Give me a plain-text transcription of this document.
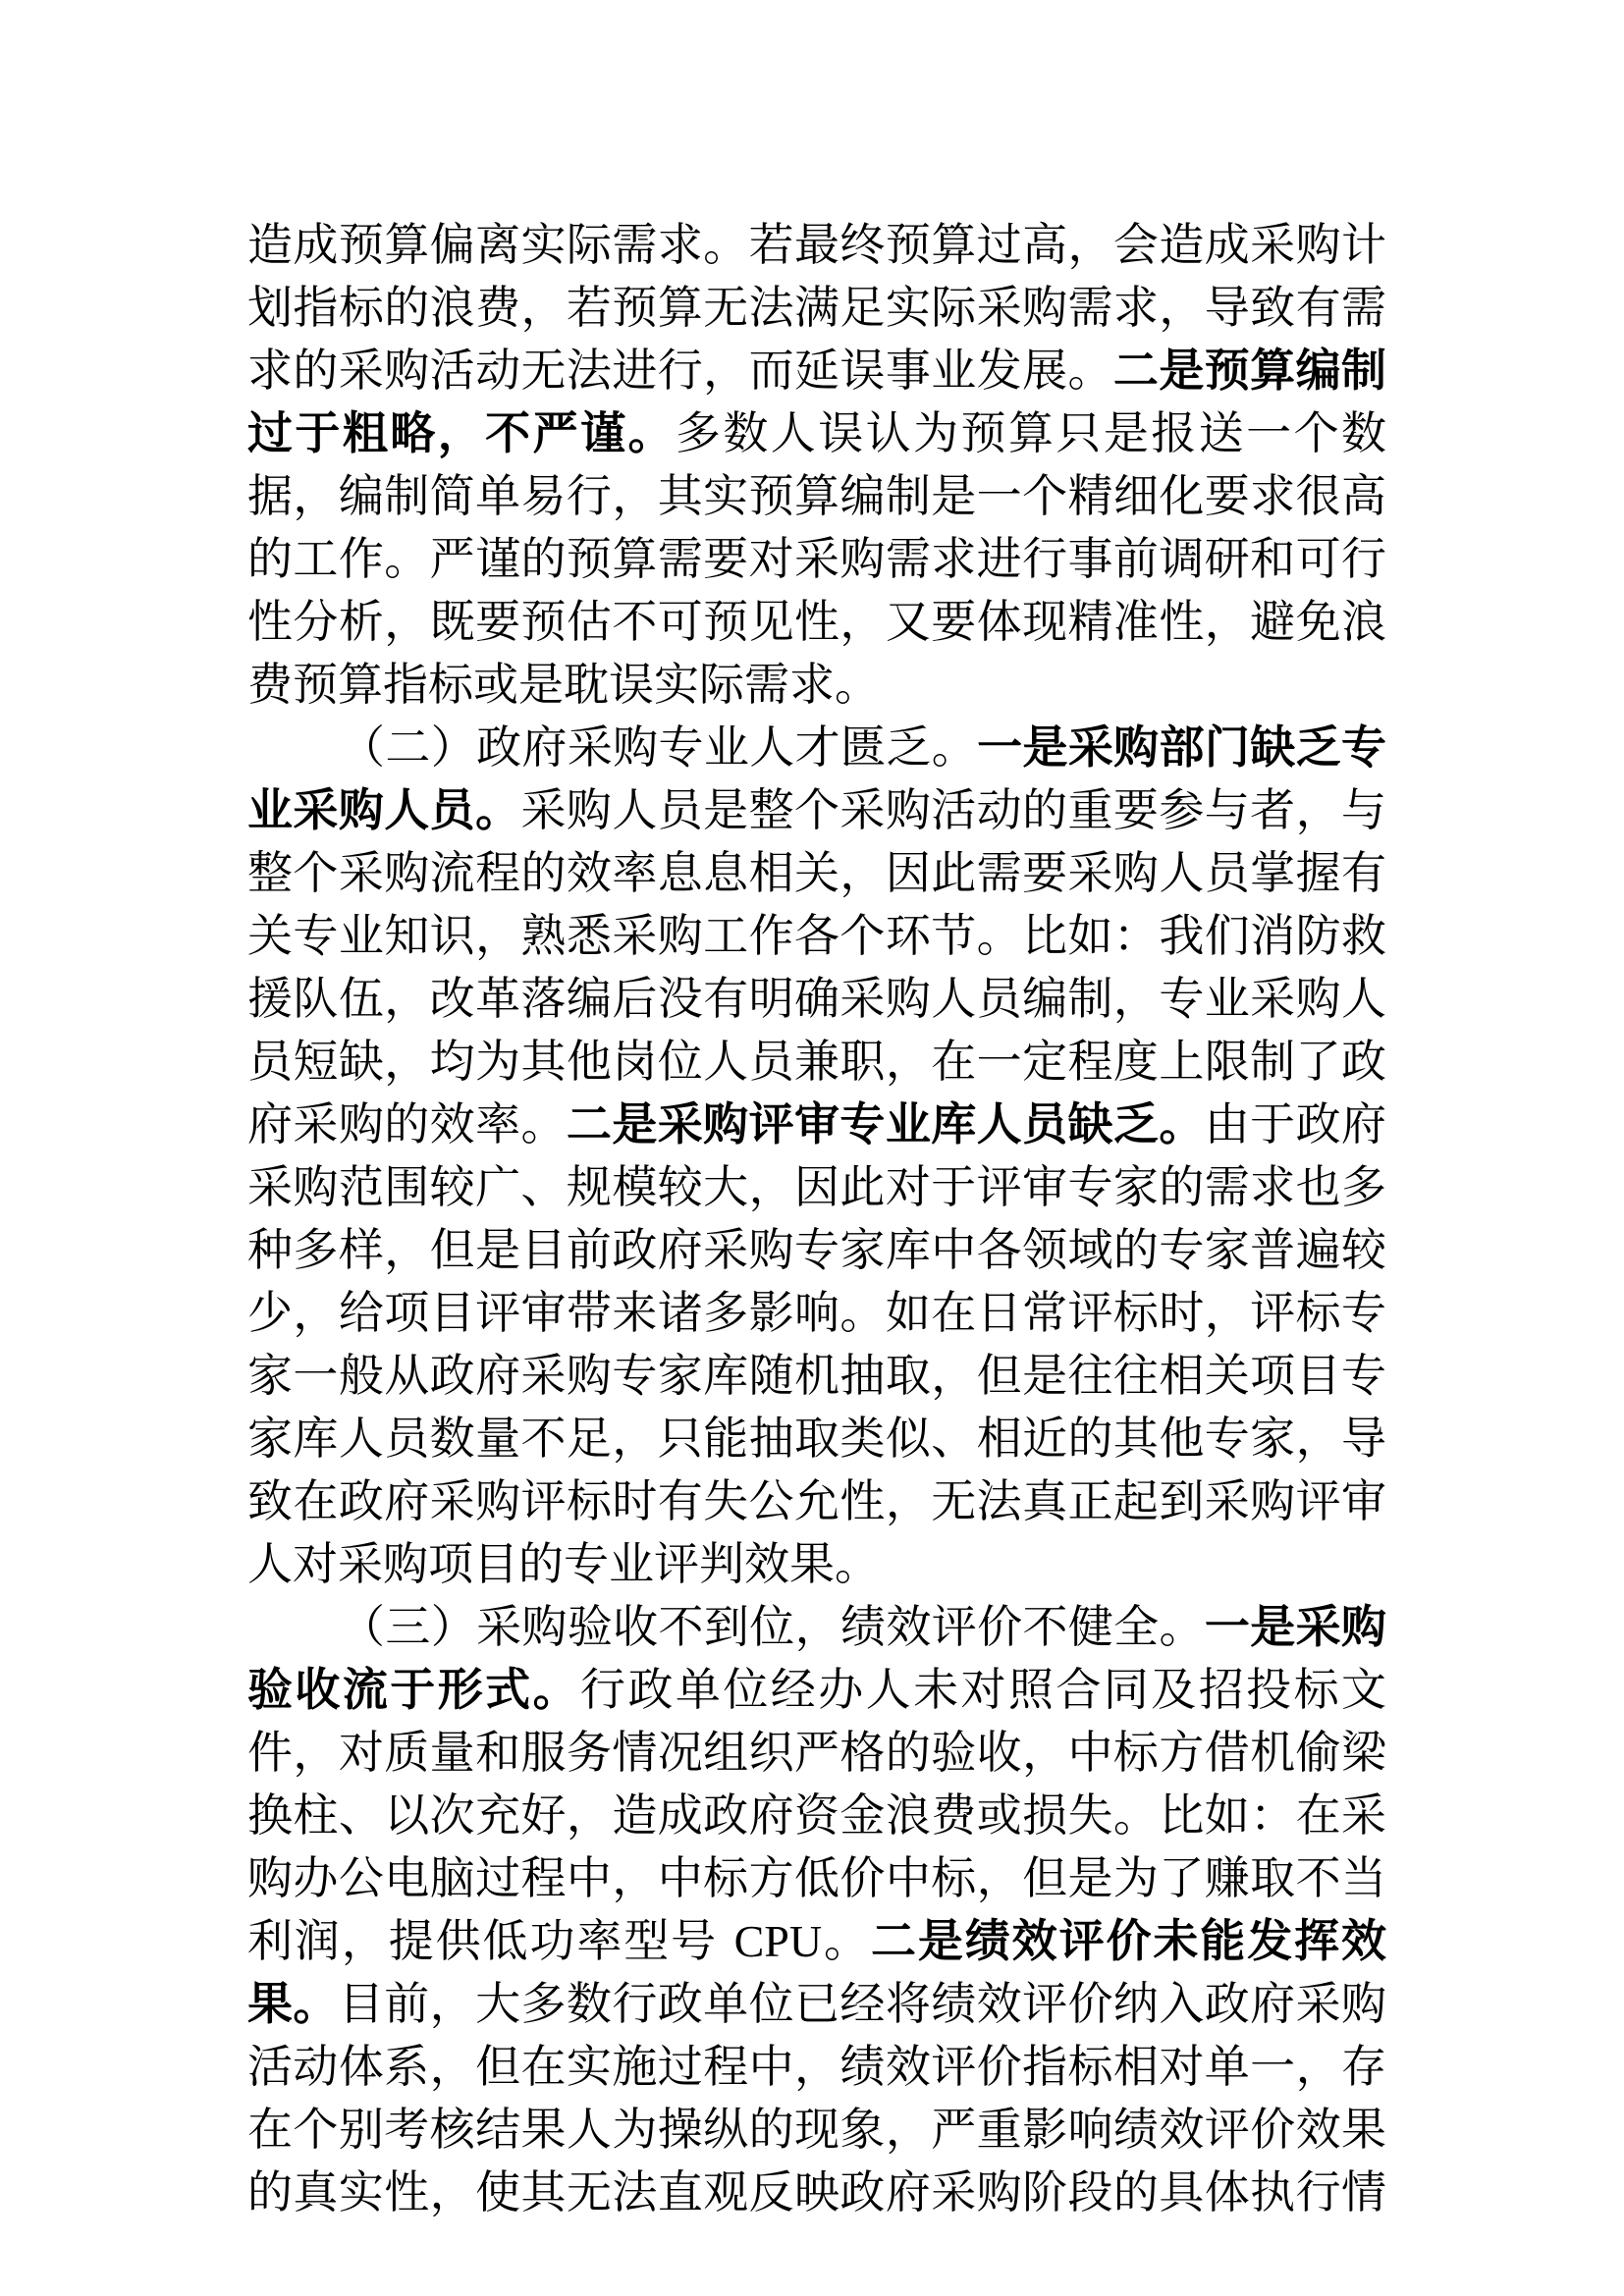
造成预算偏离实际需求。若最终预算过高，会造成采购计
划指标的浪费，若预算无法满足实际采购需求，导致有需
求的采购活动无法进行，而延误事业发展。二是预算编制
过于粗略，不严谨。多数人误认为预算只是报送一个数
据，编制简单易行，其实预算编制是一个精细化要求很高
的工作。严谨的预算需要对采购需求进行事前调研和可行
性分析，既要预估不可预见性，又要体现精准性，避免浪
费预算指标或是耽误实际需求。
（二）政府采购专业人才匮乏。一是采购部门缺乏专
业采购人员。采购人员是整个采购活动的重要参与者，与
整个采购流程的效率息息相关，因此需要采购人员掌握有
关专业知识，熟悉采购工作各个环节。比如：我们消防救
援队伍，改革落编后没有明确采购人员编制，专业采购人
员短缺，均为其他岗位人员兼职，在一定程度上限制了政
府采购的效率。二是采购评审专业库人员缺乏。由于政府
采购范围较广、规模较大，因此对于评审专家的需求也多
种多样，但是目前政府采购专家库中各领域的专家普遍较
少，给项目评审带来诸多影响。如在日常评标时，评标专
家一般从政府采购专家库随机抽取，但是往往相关项目专
家库人员数量不足，只能抽取类似、相近的其他专家，导
致在政府采购评标时有失公允性，无法真正起到采购评审
人对采购项目的专业评判效果。
（三）采购验收不到位，绩效评价不健全。一是采购
验收流于形式。行政单位经办人未对照合同及招投标文
件，对质量和服务情况组织严格的验收，中标方借机偷梁
换柱、以次充好，造成政府资金浪费或损失。比如：在采
购办公电脑过程中，中标方低价中标，但是为了赚取不当
利润，提供低功率型号 CPU。二是绩效评价未能发挥效
果。目前，大多数行政单位已经将绩效评价纳入政府采购
活动体系，但在实施过程中，绩效评价指标相对单一，存
在个别考核结果人为操纵的现象，严重影响绩效评价效果
的真实性，使其无法直观反映政府采购阶段的具体执行情
